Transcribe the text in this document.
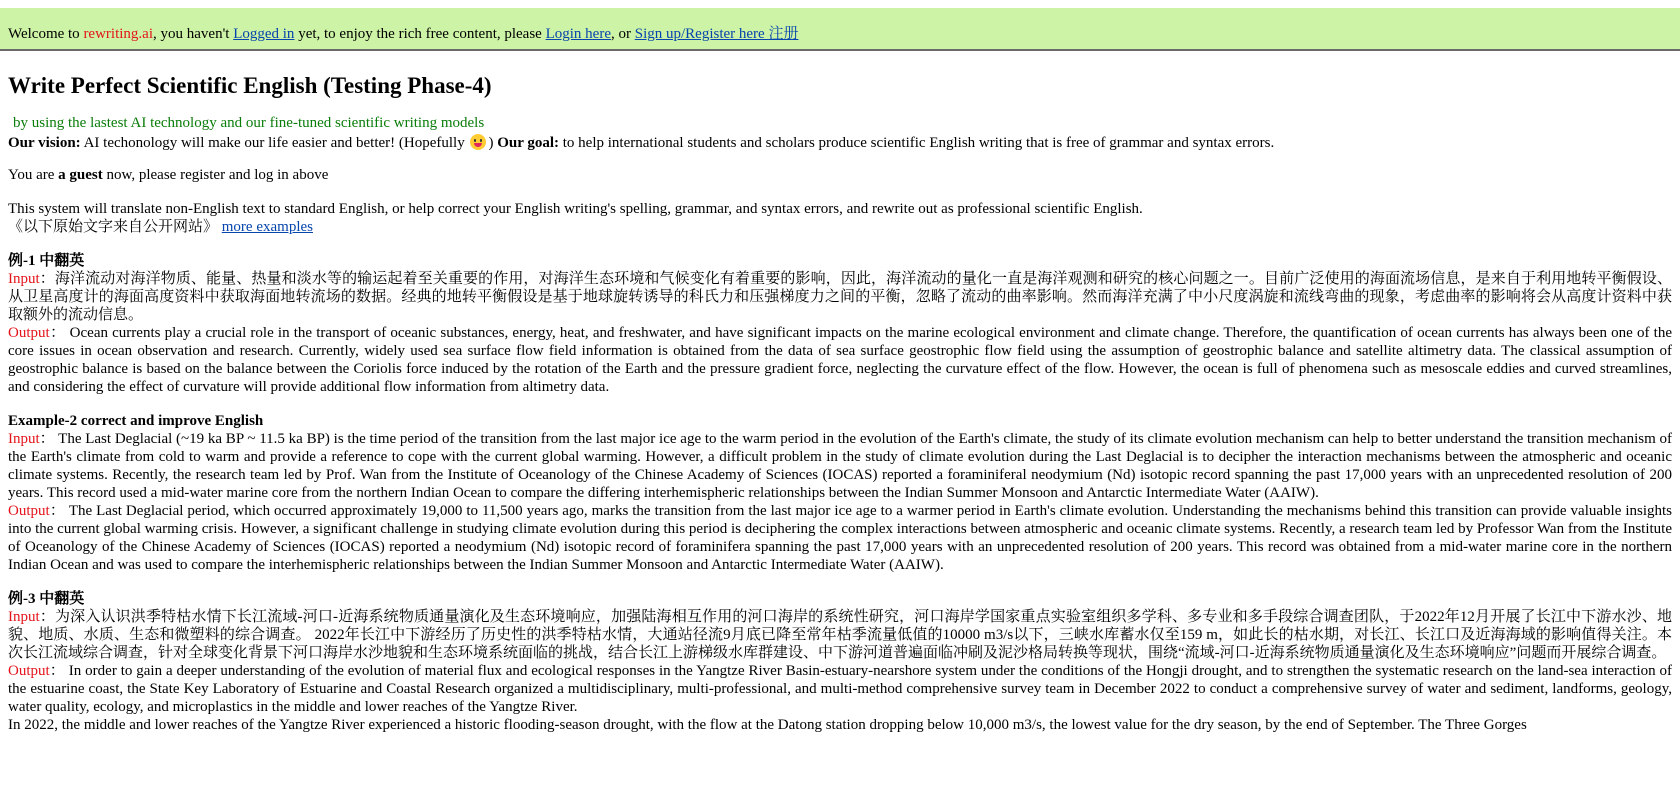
Welcome to rewriting.ai, you haven't Logged in yet, to enjoy the rich free content, please Login here, or Sign up/Register here 注册
Write Perfect Scientific English (Testing Phase-4)
by using the lastest AI technology and our fine-tuned scientific writing models
Our vision: AI techonology will make our life easier and better! (Hopefully ) Our goal: to help international students and scholars produce scientific English writing that is free of grammar and syntax errors.
You are a guest now, please register and log in above
This system will translate non-English text to standard English, or help correct your English writing's spelling, grammar, and syntax errors, and rewrite out as professional scientific English.
《以下原始文字来自公开网站》 more examples
例-1 中翻英
Input：海洋流动对海洋物质、能量、热量和淡水等的输运起着至关重要的作用，对海洋生态环境和气候变化有着重要的影响，因此，海洋流动的量化一直是海洋观测和研究的核心问题之一。目前广泛使用的海面流场信息，是来自于利用地转平衡假设、从卫星高度计的海面高度资料中获取海面地转流场的数据。经典的地转平衡假设是基于地球旋转诱导的科氏力和压强梯度力之间的平衡，忽略了流动的曲率影响。然而海洋充满了中小尺度涡旋和流线弯曲的现象，考虑曲率的影响将会从高度计资料中获取额外的流动信息。
Output： Ocean currents play a crucial role in the transport of oceanic substances, energy, heat, and freshwater, and have significant impacts on the marine ecological environment and climate change. Therefore, the quantification of ocean currents has always been one of the core issues in ocean observation and research. Currently, widely used sea surface flow field information is obtained from the data of sea surface geostrophic flow field using the assumption of geostrophic balance and satellite altimetry data. The classical assumption of geostrophic balance is based on the balance between the Coriolis force induced by the rotation of the Earth and the pressure gradient force, neglecting the curvature effect of the flow. However, the ocean is full of phenomena such as mesoscale eddies and curved streamlines, and considering the effect of curvature will provide additional flow information from altimetry data.
Example-2 correct and improve English
Input： The Last Deglacial (~19 ka BP ~ 11.5 ka BP) is the time period of the transition from the last major ice age to the warm period in the evolution of the Earth's climate, the study of its climate evolution mechanism can help to better understand the transition mechanism of the Earth's climate from cold to warm and provide a reference to cope with the current global warming. However, a difficult problem in the study of climate evolution during the Last Deglacial is to decipher the interaction mechanisms between the atmospheric and oceanic climate systems. Recently, the research team led by Prof. Wan from the Institute of Oceanology of the Chinese Academy of Sciences (IOCAS) reported a foraminiferal neodymium (Nd) isotopic record spanning the past 17,000 years with an unprecedented resolution of 200 years. This record used a mid-water marine core from the northern Indian Ocean to compare the differing interhemispheric relationships between the Indian Summer Monsoon and Antarctic Intermediate Water (AAIW).
Output： The Last Deglacial period, which occurred approximately 19,000 to 11,500 years ago, marks the transition from the last major ice age to a warmer period in Earth's climate evolution. Understanding the mechanisms behind this transition can provide valuable insights into the current global warming crisis. However, a significant challenge in studying climate evolution during this period is deciphering the complex interactions between atmospheric and oceanic climate systems. Recently, a research team led by Professor Wan from the Institute of Oceanology of the Chinese Academy of Sciences (IOCAS) reported a neodymium (Nd) isotopic record of foraminifera spanning the past 17,000 years with an unprecedented resolution of 200 years. This record was obtained from a mid-water marine core in the northern Indian Ocean and was used to compare the interhemispheric relationships between the Indian Summer Monsoon and Antarctic Intermediate Water (AAIW).
例-3 中翻英
Input：为深入认识洪季特枯水情下长江流域-河口-近海系统物质通量演化及生态环境响应，加强陆海相互作用的河口海岸的系统性研究，河口海岸学国家重点实验室组织多学科、多专业和多手段综合调查团队，于2022年12月开展了长江中下游水沙、地貌、地质、水质、生态和微塑料的综合调查。 2022年长江中下游经历了历史性的洪季特枯水情，大通站径流9月底已降至常年枯季流量低值的10000 m3/s以下，三峡水库蓄水仅至159 m，如此长的枯水期，对长江、长江口及近海海域的影响值得关注。本次长江流域综合调查，针对全球变化背景下河口海岸水沙地貌和生态环境系统面临的挑战，结合长江上游梯级水库群建设、中下游河道普遍面临冲刷及泥沙格局转换等现状，围绕“流域-河口-近海系统物质通量演化及生态环境响应”问题而开展综合调查。
Output： In order to gain a deeper understanding of the evolution of material flux and ecological responses in the Yangtze River Basin-estuary-nearshore system under the conditions of the Hongji drought, and to strengthen the systematic research on the land-sea interaction of the estuarine coast, the State Key Laboratory of Estuarine and Coastal Research organized a multidisciplinary, multi-professional, and multi-method comprehensive survey team in December 2022 to conduct a comprehensive survey of water and sediment, landforms, geology, water quality, ecology, and microplastics in the middle and lower reaches of the Yangtze River.
In 2022, the middle and lower reaches of the Yangtze River experienced a historic flooding-season drought, with the flow at the Datong station dropping below 10,000 m3/s, the lowest value for the dry season, by the end of September. The Three Gorges
